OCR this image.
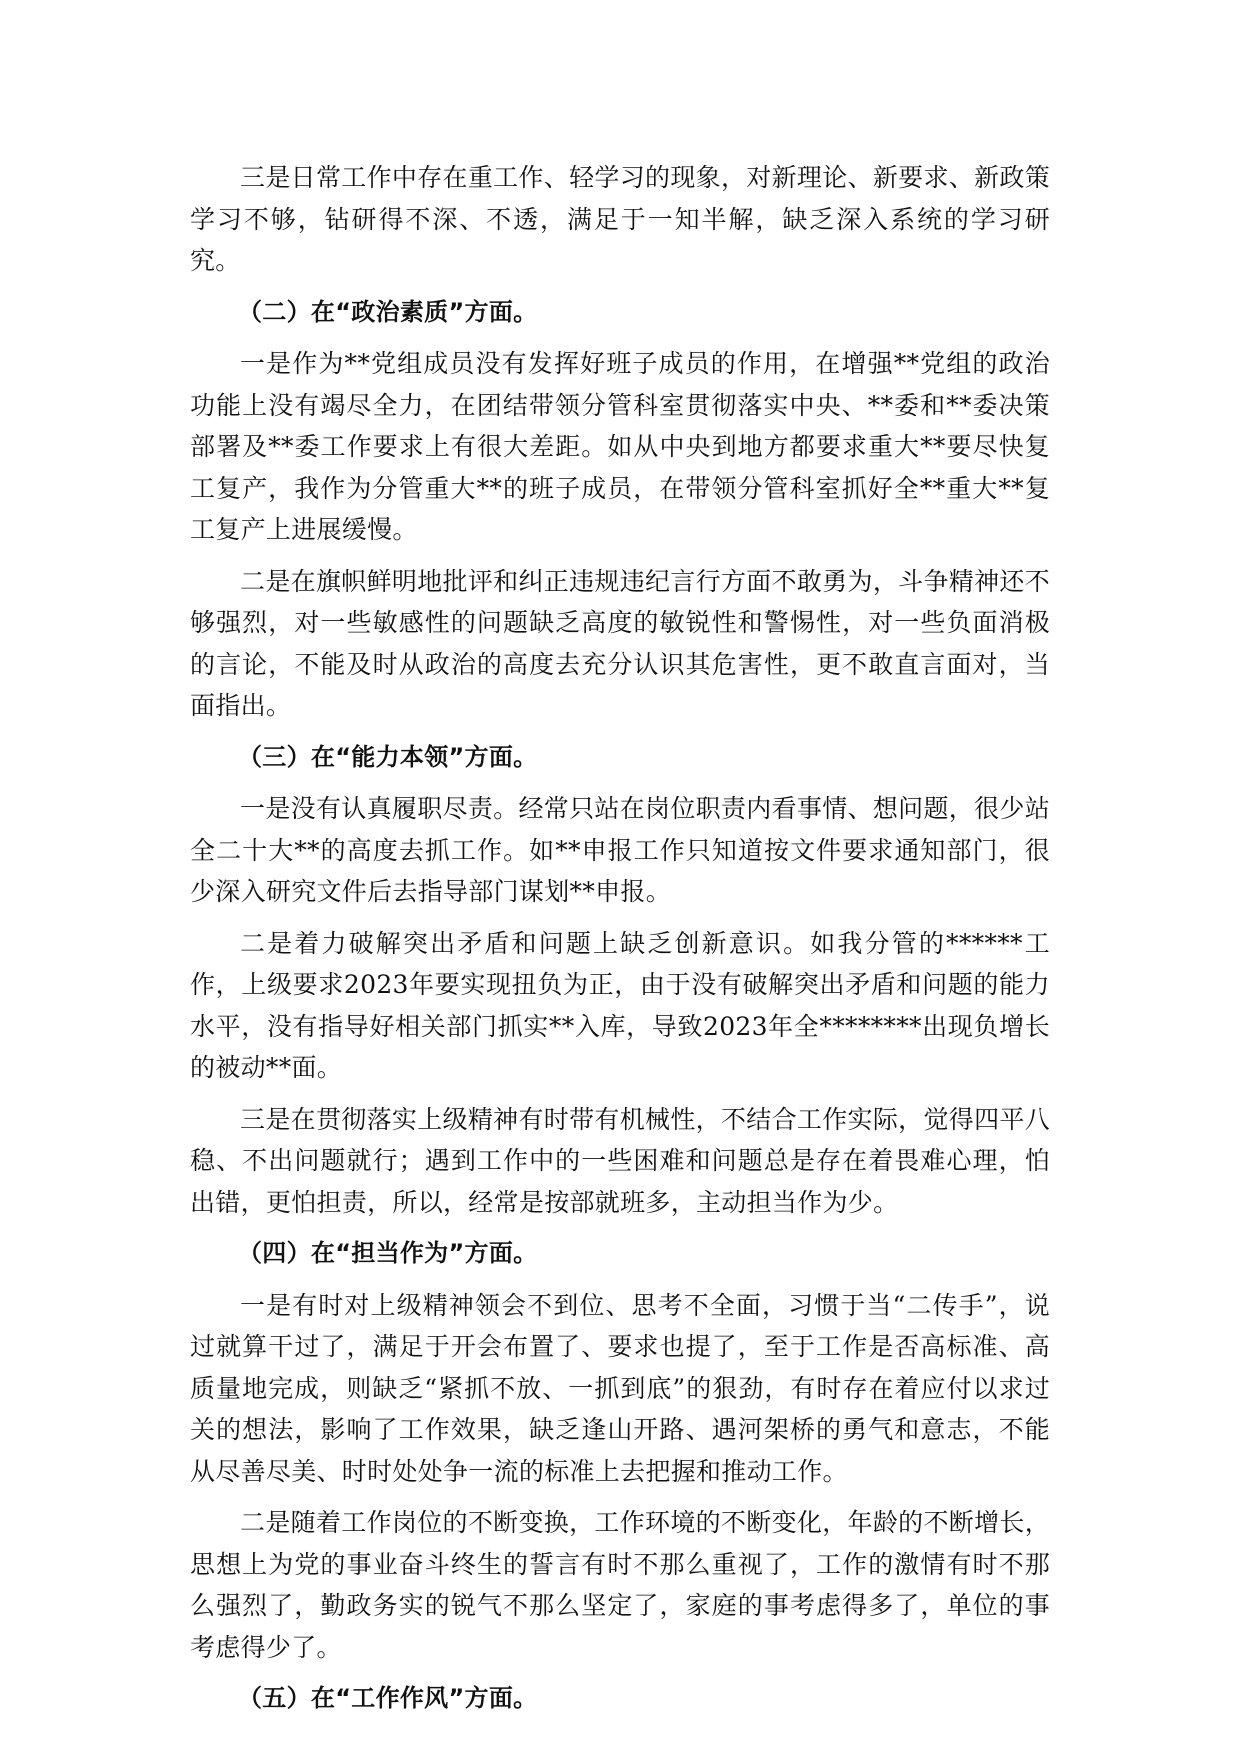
三是日常工作中存在重工作、轻学习的现象，对新理论、新要求、新政策学习不够，钻研得不深、不透，满足于一知半解，缺乏深入系统的学习研究。

（二）在“政治素质”方面。

一是作为**党组成员没有发挥好班子成员的作用，在增强**党组的政治功能上没有竭尽全力，在团结带领分管科室贯彻落实中央、**委和**委决策部署及**委工作要求上有很大差距。如从中央到地方都要求重大**要尽快复工复产，我作为分管重大**的班子成员，在带领分管科室抓好全**重大**复工复产上进展缓慢。

二是在旗帜鲜明地批评和纠正违规违纪言行方面不敢勇为，斗争精神还不够强烈，对一些敏感性的问题缺乏高度的敏锐性和警惕性，对一些负面消极的言论，不能及时从政治的高度去充分认识其危害性，更不敢直言面对，当面指出。

（三）在“能力本领”方面。

一是没有认真履职尽责。经常只站在岗位职责内看事情、想问题，很少站全二十大**的高度去抓工作。如**申报工作只知道按文件要求通知部门，很少深入研究文件后去指导部门谋划**申报。

二是着力破解突出矛盾和问题上缺乏创新意识。如我分管的******工作，上级要求2023年要实现扭负为正，由于没有破解突出矛盾和问题的能力水平，没有指导好相关部门抓实**入库，导致2023年全********出现负增长的被动**面。

三是在贯彻落实上级精神有时带有机械性，不结合工作实际，觉得四平八稳、不出问题就行；遇到工作中的一些困难和问题总是存在着畏难心理，怕出错，更怕担责，所以，经常是按部就班多，主动担当作为少。

（四）在“担当作为”方面。

一是有时对上级精神领会不到位、思考不全面，习惯于当“二传手”，说过就算干过了，满足于开会布置了、要求也提了，至于工作是否高标准、高质量地完成，则缺乏“紧抓不放、一抓到底”的狠劲，有时存在着应付以求过关的想法，影响了工作效果，缺乏逢山开路、遇河架桥的勇气和意志，不能从尽善尽美、时时处处争一流的标准上去把握和推动工作。

二是随着工作岗位的不断变换，工作环境的不断变化，年龄的不断增长，思想上为党的事业奋斗终生的誓言有时不那么重视了，工作的激情有时不那么强烈了，勤政务实的锐气不那么坚定了，家庭的事考虑得多了，单位的事考虑得少了。

（五）在“工作作风”方面。
